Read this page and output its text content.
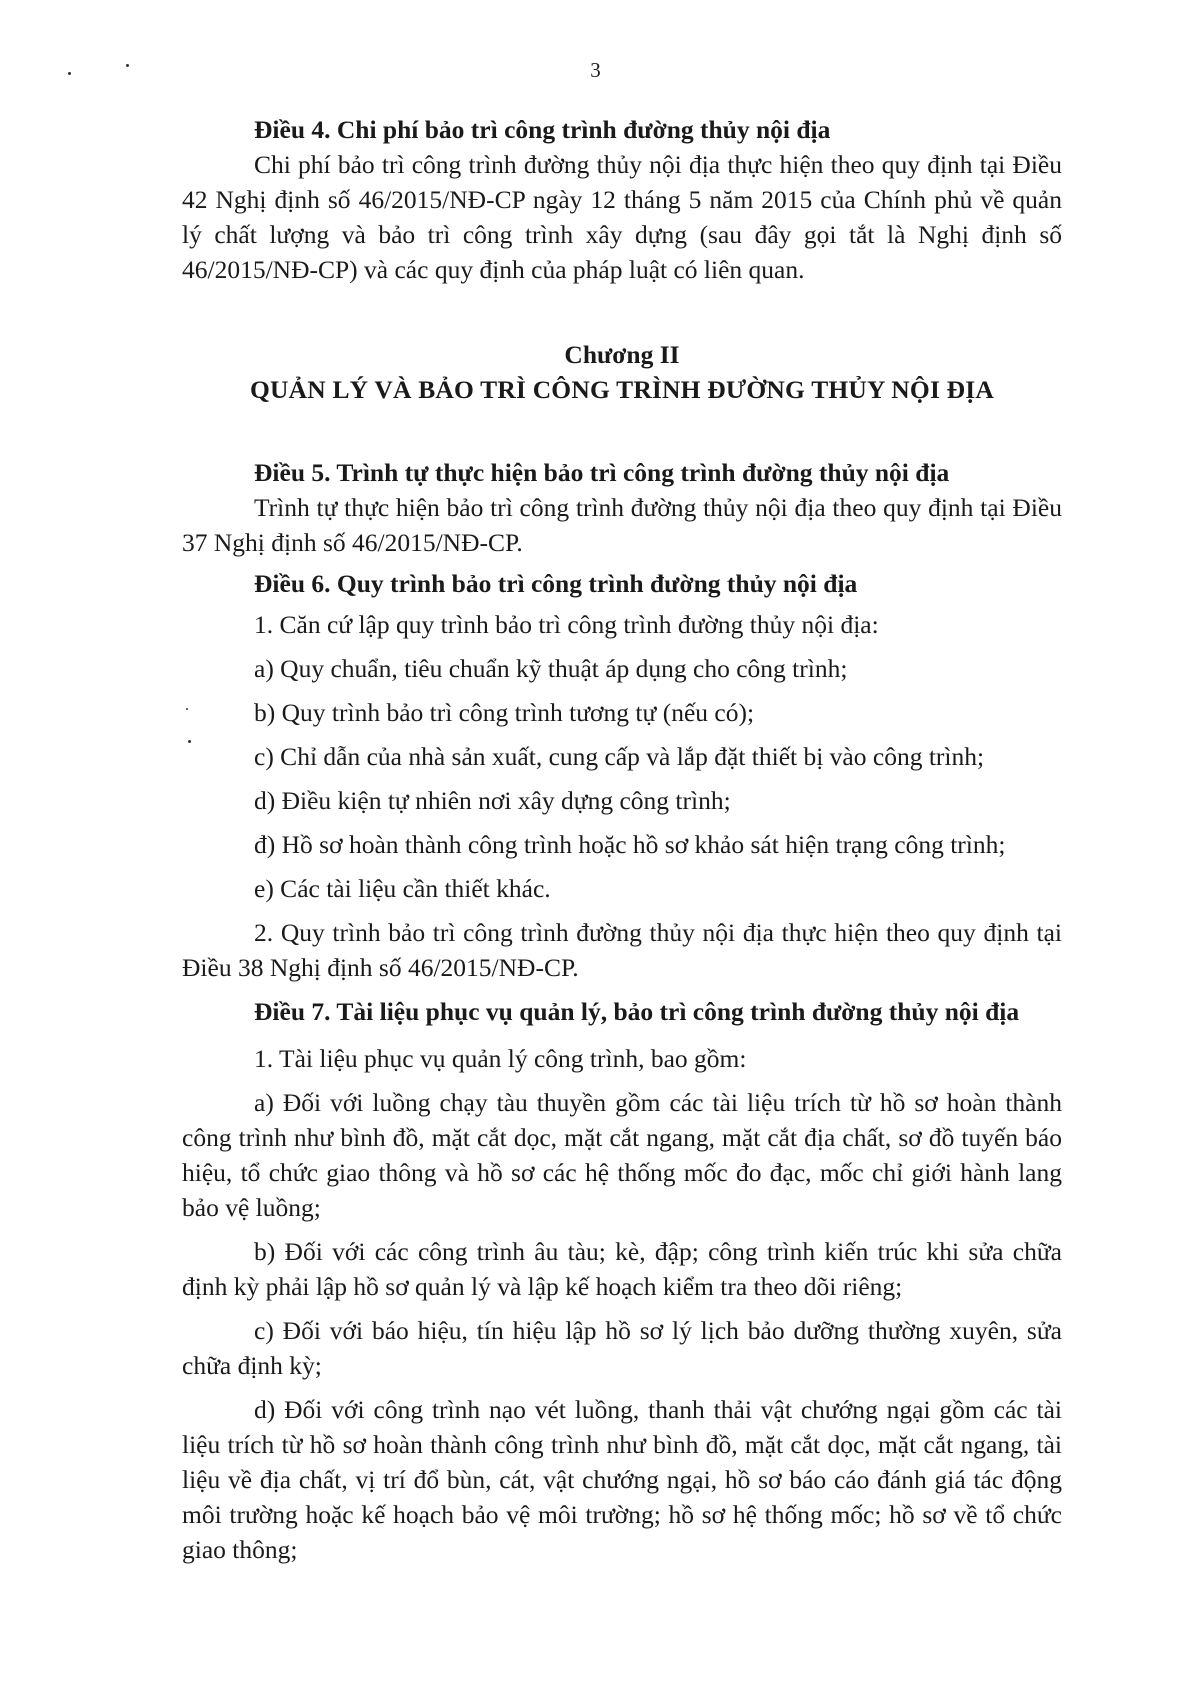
3

Điều 4. Chi phí bảo trì công trình đường thủy nội địa

Chi phí bảo trì công trình đường thủy nội địa thực hiện theo quy định tại Điều 42 Nghị định số 46/2015/NĐ-CP ngày 12 tháng 5 năm 2015 của Chính phủ về quản lý chất lượng và bảo trì công trình xây dựng (sau đây gọi tắt là Nghị định số 46/2015/NĐ-CP) và các quy định của pháp luật có liên quan.

Chương II

QUẢN LÝ VÀ BẢO TRÌ CÔNG TRÌNH ĐƯỜNG THỦY NỘI ĐỊA

Điều 5. Trình tự thực hiện bảo trì công trình đường thủy nội địa

Trình tự thực hiện bảo trì công trình đường thủy nội địa theo quy định tại Điều 37 Nghị định số 46/2015/NĐ-CP.

Điều 6. Quy trình bảo trì công trình đường thủy nội địa

1. Căn cứ lập quy trình bảo trì công trình đường thủy nội địa:

a) Quy chuẩn, tiêu chuẩn kỹ thuật áp dụng cho công trình;

b) Quy trình bảo trì công trình tương tự (nếu có);

c) Chỉ dẫn của nhà sản xuất, cung cấp và lắp đặt thiết bị vào công trình;

d) Điều kiện tự nhiên nơi xây dựng công trình;

đ) Hồ sơ hoàn thành công trình hoặc hồ sơ khảo sát hiện trạng công trình;

e) Các tài liệu cần thiết khác.

2. Quy trình bảo trì công trình đường thủy nội địa thực hiện theo quy định tại Điều 38 Nghị định số 46/2015/NĐ-CP.

Điều 7. Tài liệu phục vụ quản lý, bảo trì công trình đường thủy nội địa

1. Tài liệu phục vụ quản lý công trình, bao gồm:

a) Đối với luồng chạy tàu thuyền gồm các tài liệu trích từ hồ sơ hoàn thành công trình như bình đồ, mặt cắt dọc, mặt cắt ngang, mặt cắt địa chất, sơ đồ tuyến báo hiệu, tổ chức giao thông và hồ sơ các hệ thống mốc đo đạc, mốc chỉ giới hành lang bảo vệ luồng;

b) Đối với các công trình âu tàu; kè, đập; công trình kiến trúc khi sửa chữa định kỳ phải lập hồ sơ quản lý và lập kế hoạch kiểm tra theo dõi riêng;

c) Đối với báo hiệu, tín hiệu lập hồ sơ lý lịch bảo dưỡng thường xuyên, sửa chữa định kỳ;

d) Đối với công trình nạo vét luồng, thanh thải vật chướng ngại gồm các tài liệu trích từ hồ sơ hoàn thành công trình như bình đồ, mặt cắt dọc, mặt cắt ngang, tài liệu về địa chất, vị trí đổ bùn, cát, vật chướng ngại, hồ sơ báo cáo đánh giá tác động môi trường hoặc kế hoạch bảo vệ môi trường; hồ sơ hệ thống mốc; hồ sơ về tổ chức giao thông;
